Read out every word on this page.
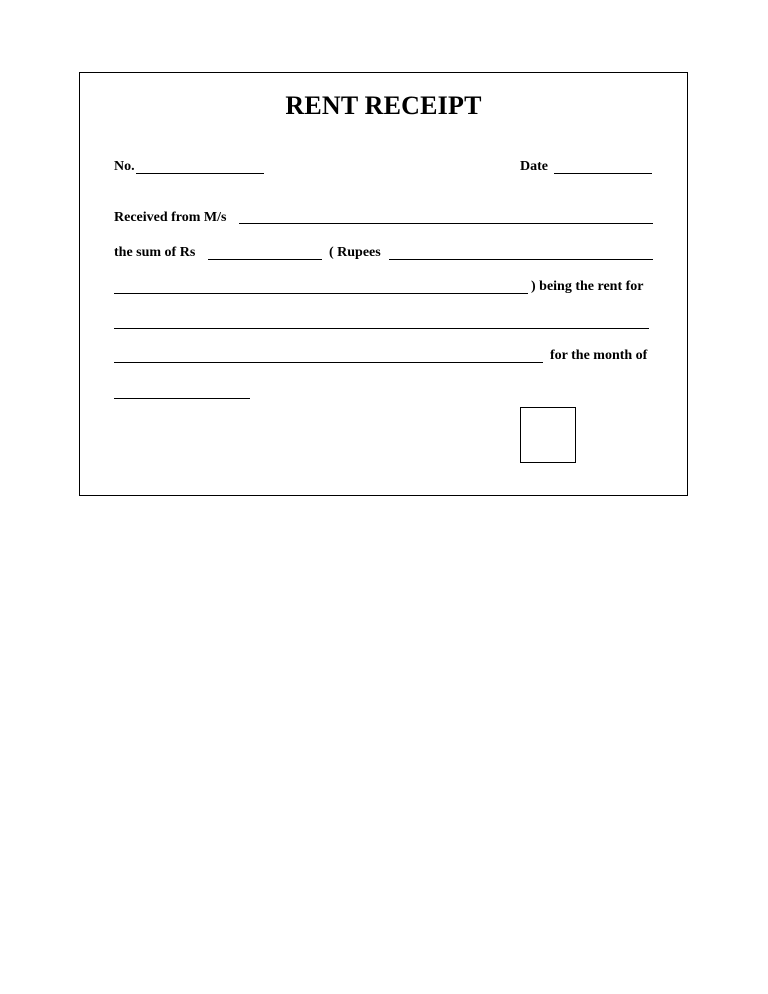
RENT RECEIPT
No.	Date
Received from M/s
the sum of Rs	( Rupees
) being the rent for
for the month of
